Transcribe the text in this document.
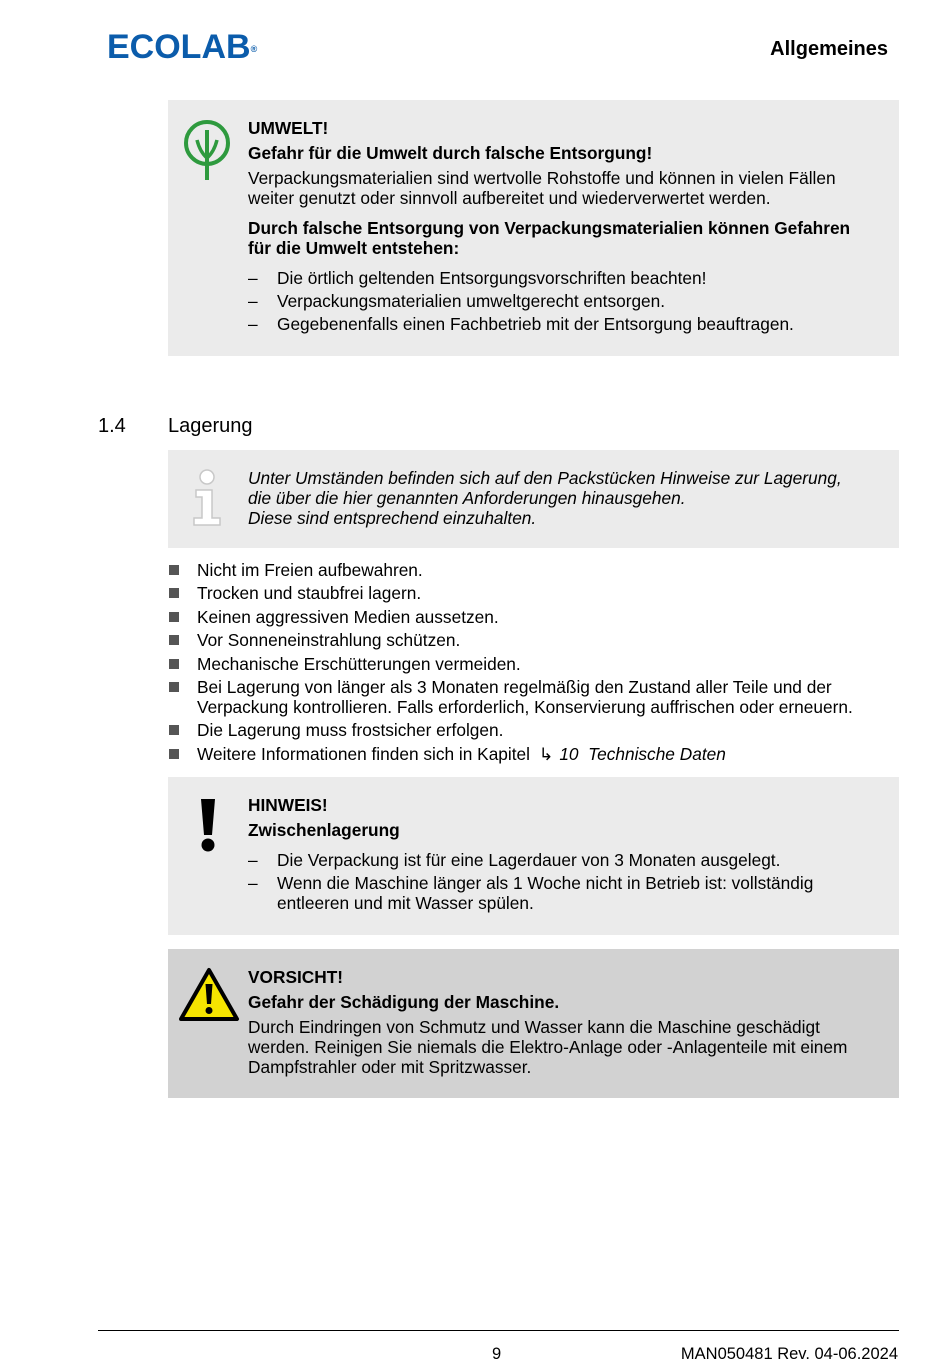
ECOLAB®	Allgemeines

UMWELT!

Gefahr für die Umwelt durch falsche Entsorgung!

Verpackungsmaterialien sind wertvolle Rohstoffe und können in vielen Fällen

weiter genutzt oder sinnvoll aufbereitet und wiederverwertet werden.

Durch falsche Entsorgung von Verpackungsmaterialien können Gefahren

für die Umwelt entstehen:

– Die örtlich geltenden Entsorgungsvorschriften beachten!
– Verpackungsmaterialien umweltgerecht entsorgen.
– Gegebenenfalls einen Fachbetrieb mit der Entsorgung beauftragen.
1.4 Lagerung

Unter Umständen befinden sich auf den Packstücken Hinweise zur Lagerung,

die über die hier genannten Anforderungen hinausgehen.

Diese sind entsprechend einzuhalten.

Nicht im Freien aufbewahren.
Trocken und staubfrei lagern.
Keinen aggressiven Medien aussetzen.
Vor Sonneneinstrahlung schützen.
Mechanische Erschütterungen vermeiden.
Bei Lagerung von länger als 3 Monaten regelmäßig den Zustand aller Teile und der
Verpackung kontrollieren. Falls erforderlich, Konservierung auffrischen oder erneuern.
Die Lagerung muss frostsicher erfolgen.
Weitere Informationen finden sich in Kapitel ↳ 10  Technische Daten

HINWEIS!

Zwischenlagerung

– Die Verpackung ist für eine Lagerdauer von 3 Monaten ausgelegt.
– Wenn die Maschine länger als 1 Woche nicht in Betrieb ist: vollständig
entleeren und mit Wasser spülen.

VORSICHT!

Gefahr der Schädigung der Maschine.

Durch Eindringen von Schmutz und Wasser kann die Maschine geschädigt

werden. Reinigen Sie niemals die Elektro-Anlage oder -Anlagenteile mit einem

Dampfstrahler oder mit Spritzwasser.

9	MAN050481 Rev. 04-06.2024
